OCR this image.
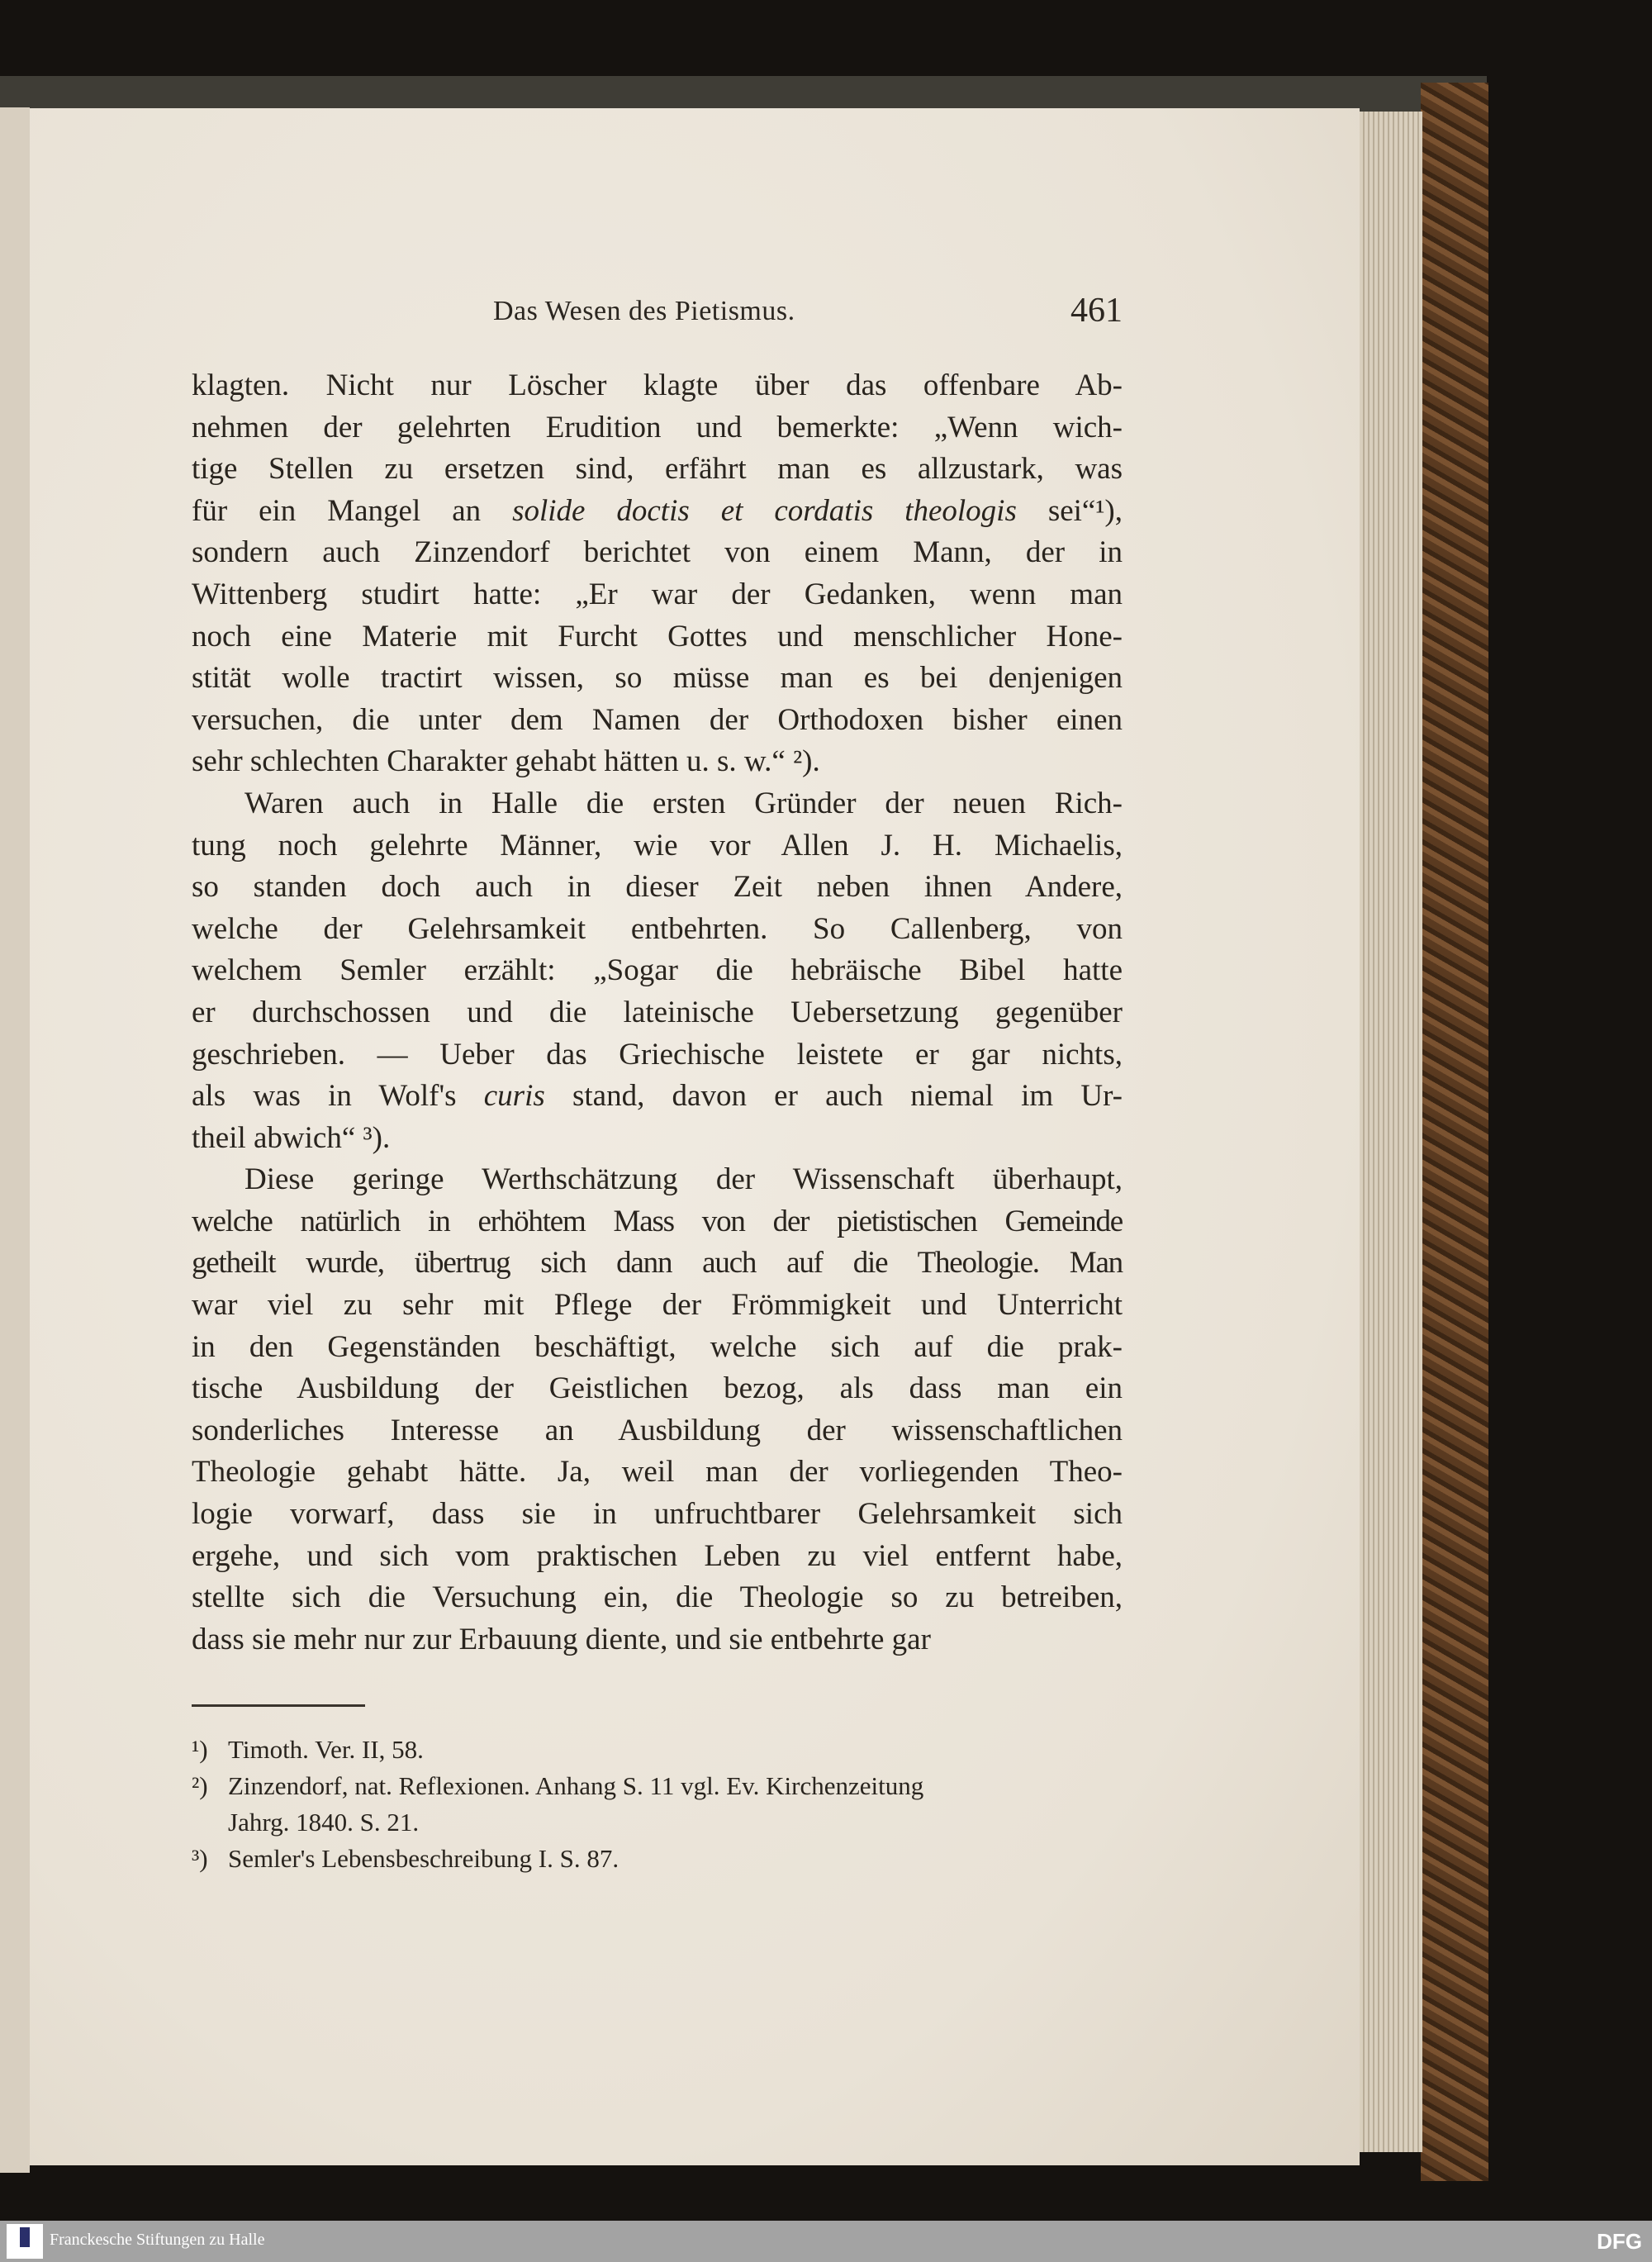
Das Wesen des Pietismus.	461
klagten. Nicht nur Löscher klagte über das offenbare Ab-
nehmen der gelehrten Erudition und bemerkte: „Wenn wich-
tige Stellen zu ersetzen sind, erfährt man es allzustark, was
für ein Mangel an solide doctis et cordatis theologis sei“¹),
sondern auch Zinzendorf berichtet von einem Mann, der in
Wittenberg studirt hatte: „Er war der Gedanken, wenn man
noch eine Materie mit Furcht Gottes und menschlicher Hone-
stität wolle tractirt wissen, so müsse man es bei denjenigen
versuchen, die unter dem Namen der Orthodoxen bisher einen
sehr schlechten Charakter gehabt hätten u. s. w.“ ²).
Waren auch in Halle die ersten Gründer der neuen Rich-
tung noch gelehrte Männer, wie vor Allen J. H. Michaelis,
so standen doch auch in dieser Zeit neben ihnen Andere,
welche der Gelehrsamkeit entbehrten. So Callenberg, von
welchem Semler erzählt: „Sogar die hebräische Bibel hatte
er durchschossen und die lateinische Uebersetzung gegenüber
geschrieben. — Ueber das Griechische leistete er gar nichts,
als was in Wolf's curis stand, davon er auch niemal im Ur-
theil abwich“ ³).
Diese geringe Werthschätzung der Wissenschaft überhaupt,
welche natürlich in erhöhtem Mass von der pietistischen Gemeinde
getheilt wurde, übertrug sich dann auch auf die Theologie. Man
war viel zu sehr mit Pflege der Frömmigkeit und Unterricht
in den Gegenständen beschäftigt, welche sich auf die prak-
tische Ausbildung der Geistlichen bezog, als dass man ein
sonderliches Interesse an Ausbildung der wissenschaftlichen
Theologie gehabt hätte. Ja, weil man der vorliegenden Theo-
logie vorwarf, dass sie in unfruchtbarer Gelehrsamkeit sich
ergehe, und sich vom praktischen Leben zu viel entfernt habe,
stellte sich die Versuchung ein, die Theologie so zu betreiben,
dass sie mehr nur zur Erbauung diente, und sie entbehrte gar
¹) Timoth. Ver. II, 58.
²) Zinzendorf, nat. Reflexionen. Anhang S. 11 vgl. Ev. Kirchenzeitung
Jahrg. 1840. S. 21.
³) Semler's Lebensbeschreibung I. S. 87.
Franckesche Stiftungen zu Halle	DFG
